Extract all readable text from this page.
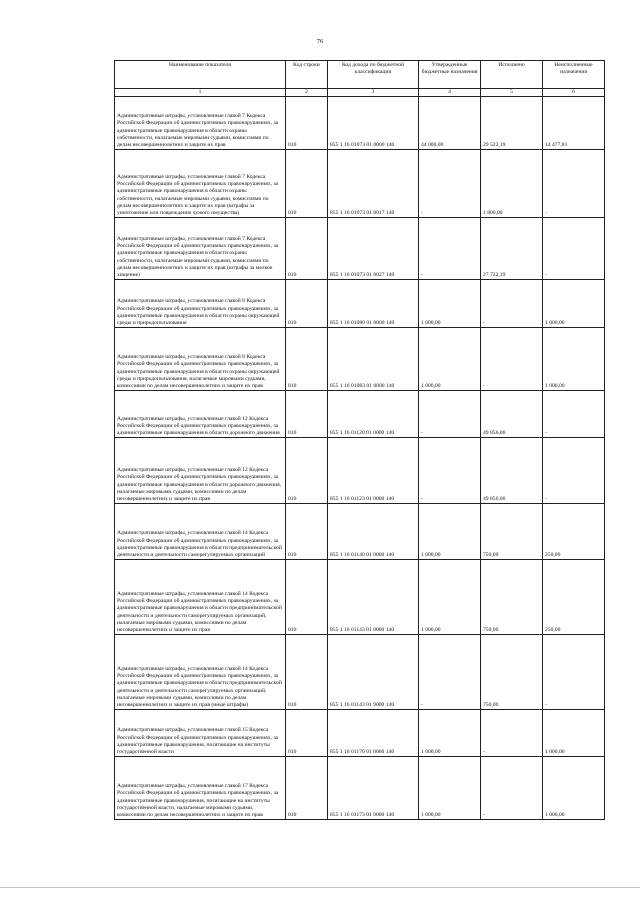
76
Наименование показателя	Код строки	Код дохода по бюджетной классификации	Утвержденные бюджетные назначения	Исполнено	Неисполненные назначения
1	2	3	4	5	6
Административные штрафы, установленные главой 7 Кодекса Российской Федерации об административных правонарушениях, за административные правонарушения в области охраны собственности, налагаемые мировыми судьями, комиссиями по делам несовершеннолетних и защите их прав	010	855 1 16 01073 01 0000 140	44 000,00	29 522,19	14 477,81
Административные штрафы, установленные главой 7 Кодекса Российской Федерации об административных правонарушениях, за административные правонарушения в области охраны собственности, налагаемые мировыми судьями, комиссиями по делам несовершеннолетних и защите их прав (штрафы за уничтожение или повреждение чужого имущества)	010	855 1 16 01073 01 0017 140	-	1 800,00	-
Административные штрафы, установленные главой 7 Кодекса Российской Федерации об административных правонарушениях, за административные правонарушения в области охраны собственности, налагаемые мировыми судьями, комиссиями по делам несовершеннолетних и защите их прав (штрафы за мелкое хищение)	010	855 1 16 01073 01 0027 140	-	27 722,19	-
Административные штрафы, установленные главой 8 Кодекса Российской Федерации об административных правонарушениях, за административные правонарушения в области охраны окружающей среды и природопользования	010	855 1 16 01080 01 0000 140	1 000,00	-	1 000,00
Административные штрафы, установленные главой 8 Кодекса Российской Федерации об административных правонарушениях, за административные правонарушения в области охраны окружающей среды и природопользования, налагаемые мировыми судьями, комиссиями по делам несовершеннолетних и защите их прав	010	855 1 16 01083 01 0000 140	1 000,00	-	1 000,00
Административные штрафы, установленные главой 12 Кодекса Российской Федерации об административных правонарушениях, за административные правонарушения в области дорожного движения	010	855 1 16 01120 01 0000 140	-	49 856,06	-
Административные штрафы, установленные главой 12 Кодекса Российской Федерации об административных правонарушениях, за административные правонарушения в области дорожного движения, налагаемые мировыми судьями, комиссиями по делам несовершеннолетних и защите их прав	010	855 1 16 01123 01 0000 140	-	49 856,06	-
Административные штрафы, установленные главой 14 Кодекса Российской Федерации об административных правонарушениях, за административные правонарушения в области предпринимательской деятельности и деятельности саморегулируемых организаций	010	855 1 16 01140 01 0000 140	1 000,00	750,00	250,00
Административные штрафы, установленные главой 14 Кодекса Российской Федерации об административных правонарушениях, за административные правонарушения в области предпринимательской деятельности и деятельности саморегулируемых организаций, налагаемые мировыми судьями, комиссиями по делам несовершеннолетних и защите их прав	010	855 1 16 01143 01 0000 140	1 000,00	750,00	250,00
Административные штрафы, установленные главой 14 Кодекса Российской Федерации об административных правонарушениях, за административные правонарушения в области предпринимательской деятельности и деятельности саморегулируемых организаций, налагаемые мировыми судьями, комиссиями по делам несовершеннолетних и защите их прав (иные штрафы)	010	855 1 16 01143 01 9000 140	-	750,00	-
Административные штрафы, установленные главой 15 Кодекса Российской Федерации об административных правонарушениях, за административные правонарушения, посягающие на институты государственной власти	010	855 1 16 01170 01 0000 140	1 000,00	-	1 000,00
Административные штрафы, установленные главой 17 Кодекса Российской Федерации об административных правонарушениях, за административные правонарушения, посягающие на институты государственной власти, налагаемые мировыми судьями, комиссиями по делам несовершеннолетних и защите их прав	010	855 1 16 01173 01 0000 140	1 000,00	-	1 000,00
